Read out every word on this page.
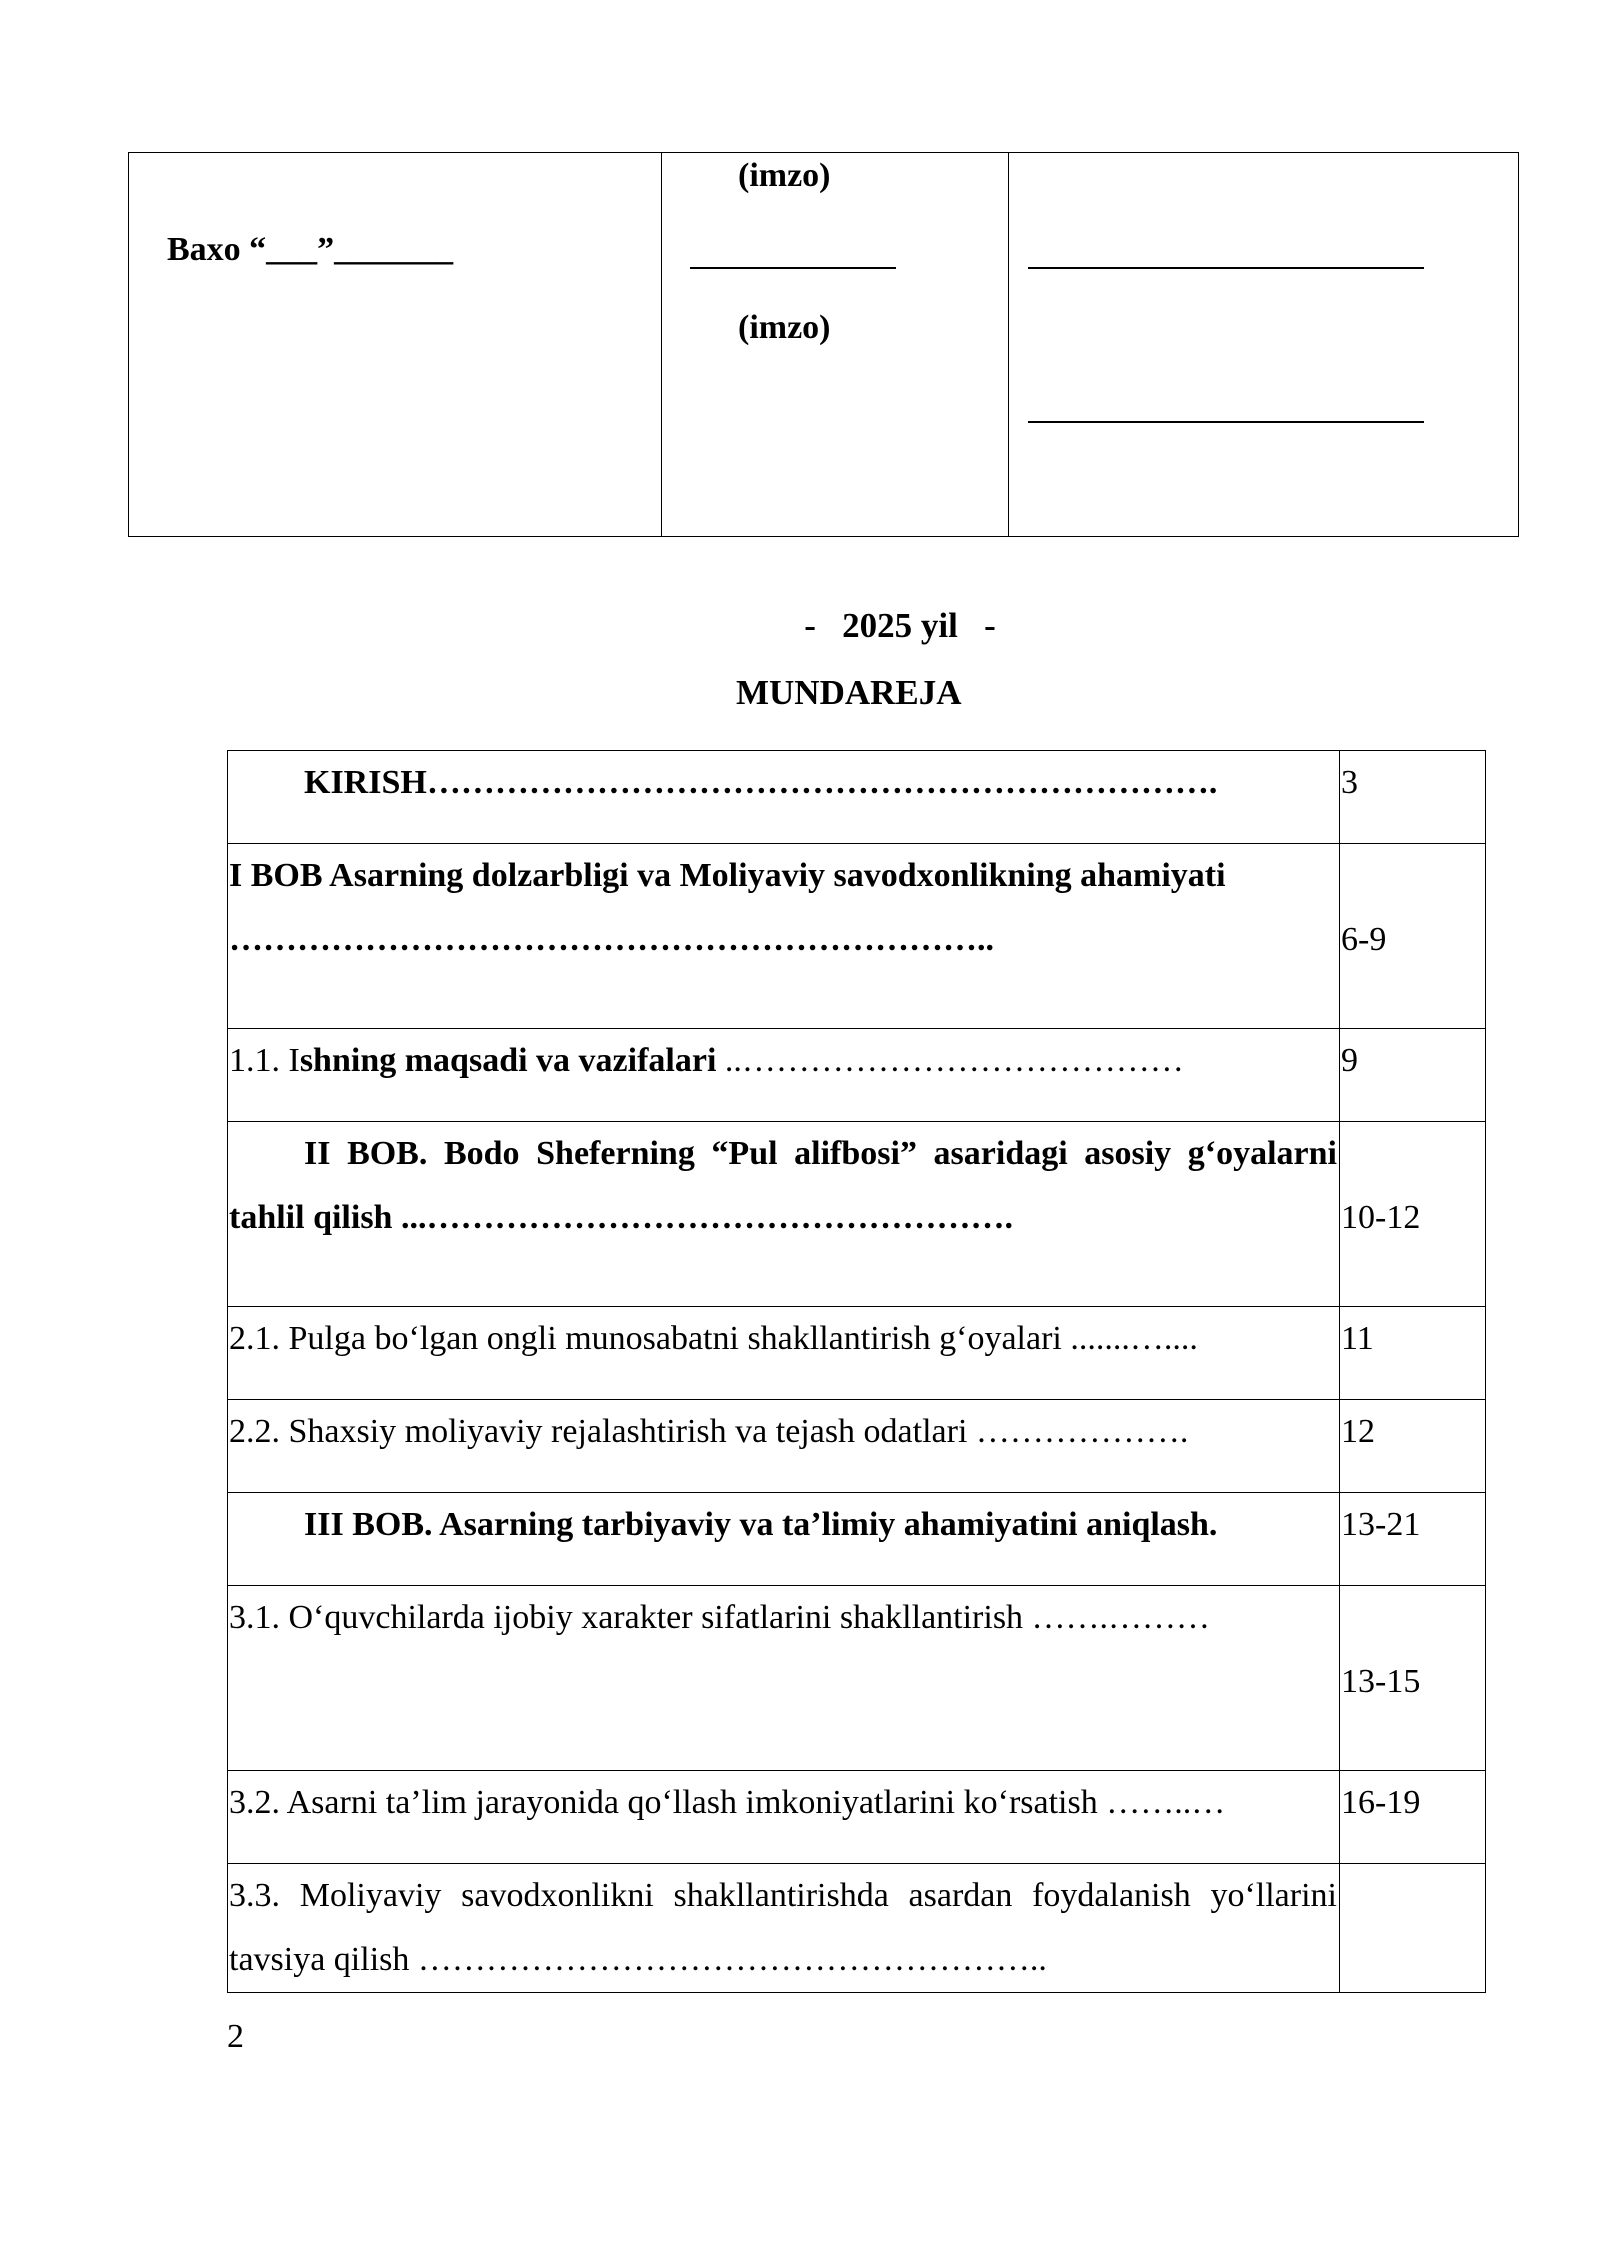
Baxo “___”_______

(imzo)
(imzo)

-   2025 yil   -
MUNDAREJA
KIRISH…………………………………………………………….	3
I BOB Asarning dolzarbligi va Moliyaviy savodxonlikning ahamiyati …………………………………………………………..	6-9

1.1. Ishning maqsadi va vazifalari ..…………………………………	9
II BOB. Bodo Sheferning “Pul alifbosi” asaridagi asosiy g‘oyalarni tahlil qilish ...…………………………………………….	10-12

2.1. Pulga bo‘lgan ongli munosabatni shakllantirish g‘oyalari .......…....	11
2.2. Shaxsiy moliyaviy rejalashtirish va tejash odatlari ……………….	12
III BOB. Asarning tarbiyaviy va ta’limiy ahamiyatini aniqlash.	13-21
3.1. O‘quvchilarda ijobiy xarakter sifatlarini shakllantirish …….………	13-15

3.2. Asarni ta’lim jarayonida qo‘llash imkoniyatlarini ko‘rsatish ……..…	16-19
3.3. Moliyaviy savodxonlikni shakllantirishda asardan foydalanish yo‘llarini tavsiya qilish ………………………………………………..	
2
